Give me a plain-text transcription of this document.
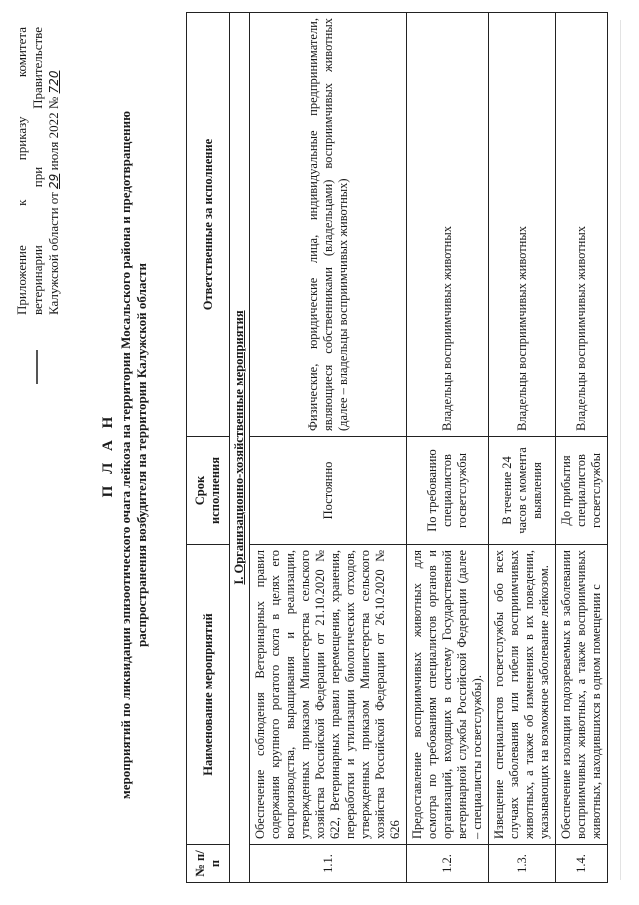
Приложение к приказу комитета ветеринарии при Правительстве Калужской области от 29 июля 2022 № 720
П Л А Н мероприятий по ликвидации эпизоотического очага лейкоза на территории Мосальского района и предотвращению распространения возбудителя на территории Калужской области
№ п/п	Наименование мероприятий	Срок исполнения	Ответственные за исполнение
I. Организационно-хозяйственные мероприятия			
1.1.	Обеспечение соблюдения Ветеринарных правил содержания крупного рогатого скота в целях его воспроизводства, выращивания и реализации, утвержденных приказом Министерства сельского хозяйства Российской Федерации от 21.10.2020 № 622, Ветеринарных правил перемещения, хранения, переработки и утилизации биологических отходов, утвержденных приказом Министерства сельского хозяйства Российской Федерации от 26.10.2020 № 626	Постоянно	Физические, юридические лица, индивидуальные предприниматели, являющиеся собственниками (владельцами) восприимчивых животных (далее – владельцы восприимчивых животных)
1.2.	Предоставление восприимчивых животных для осмотра по требованиям специалистов органов и организаций, входящих в систему Государственной ветеринарной службы Российской Федерации (далее – специалисты госветслужбы).	По требованию специалистов госветслужбы	Владельцы восприимчивых животных
1.3.	Извещение специалистов госветслужбы обо всех случаях заболевания или гибели восприимчивых животных, а также об изменениях в их поведении, указывающих на возможное заболевание лейкозом.	В течение 24 часов с момента выявления	Владельцы восприимчивых животных
1.4.	Обеспечение изоляции подозреваемых в заболевании восприимчивых животных, а также восприимчивых животных, находившихся в одном помещении с	До прибытия специалистов госветслужбы	Владельцы восприимчивых животных
